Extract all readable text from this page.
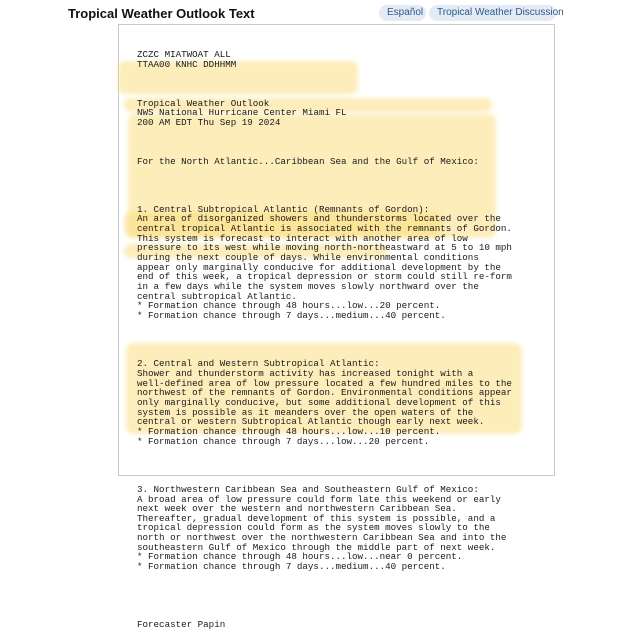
Tropical Weather Outlook Text	Español	Tropical Weather Discussion

ZCZC MIATWOAT ALL
TTAA00 KNHC DDHHMM

Tropical Weather Outlook
NWS National Hurricane Center Miami FL
200 AM EDT Thu Sep 19 2024

For the North Atlantic...Caribbean Sea and the Gulf of Mexico:

1. Central Subtropical Atlantic (Remnants of Gordon):
An area of disorganized showers and thunderstorms located over the
central tropical Atlantic is associated with the remnants of Gordon.
This system is forecast to interact with another area of low
pressure to its west while moving north-northeastward at 5 to 10 mph
during the next couple of days. While environmental conditions
appear only marginally conducive for additional development by the
end of this week, a tropical depression or storm could still re-form
in a few days while the system moves slowly northward over the
central subtropical Atlantic.
* Formation chance through 48 hours...low...20 percent.
* Formation chance through 7 days...medium...40 percent.

2. Central and Western Subtropical Atlantic:
Shower and thunderstorm activity has increased tonight with a
well-defined area of low pressure located a few hundred miles to the
northwest of the remnants of Gordon. Environmental conditions appear
only marginally conducive, but some additional development of this
system is possible as it meanders over the open waters of the
central or western Subtropical Atlantic though early next week.
* Formation chance through 48 hours...low...10 percent.
* Formation chance through 7 days...low...20 percent.

3. Northwestern Caribbean Sea and Southeastern Gulf of Mexico:
A broad area of low pressure could form late this weekend or early
next week over the western and northwestern Caribbean Sea.
Thereafter, gradual development of this system is possible, and a
tropical depression could form as the system moves slowly to the
north or northwest over the northwestern Caribbean Sea and into the
southeastern Gulf of Mexico through the middle part of next week.
* Formation chance through 48 hours...low...near 0 percent.
* Formation chance through 7 days...medium...40 percent.

Forecaster Papin
